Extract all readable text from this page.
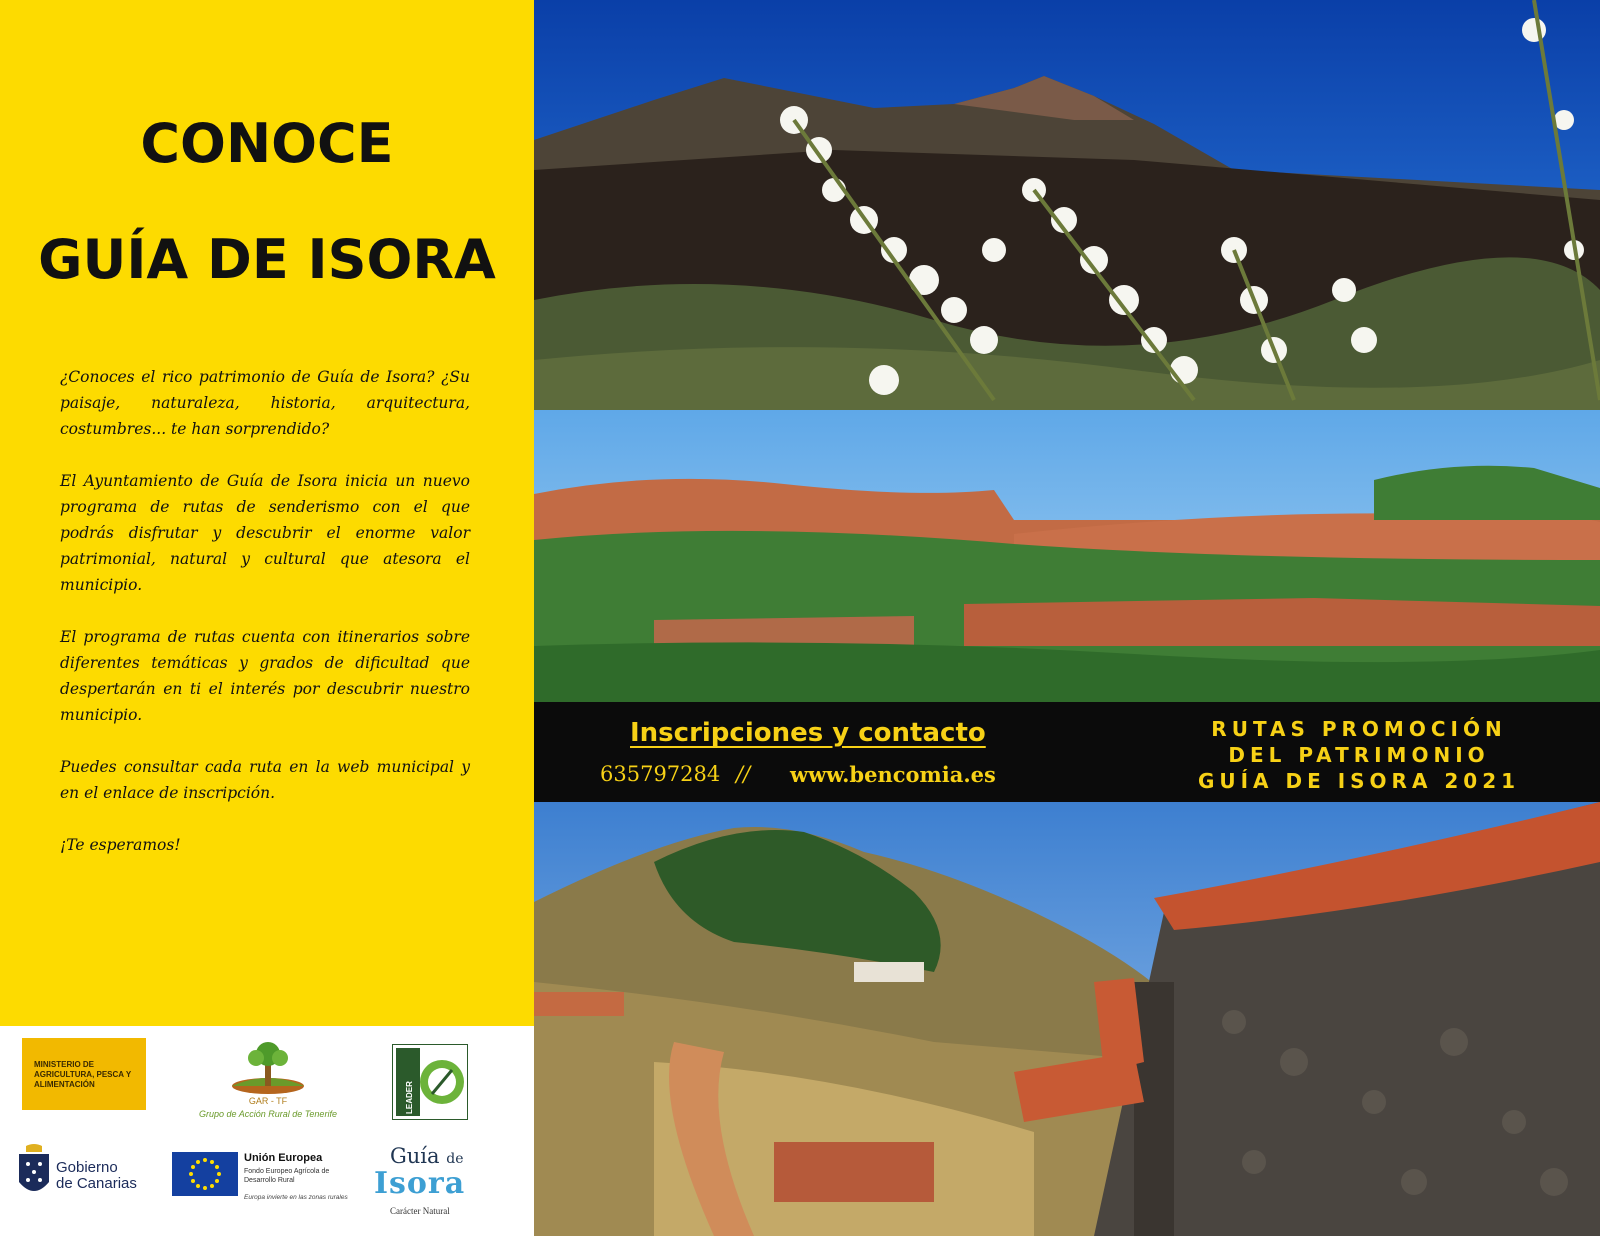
CONOCE
GUÍA DE ISORA

¿Conoces el rico patrimonio de Guía de Isora? ¿Su paisaje, naturaleza, historia, arquitectura, costumbres... te han sorprendido?

El Ayuntamiento de Guía de Isora inicia un nuevo programa de rutas de senderismo con el que podrás disfrutar y descubrir el enorme valor patrimonial, natural y cultural que atesora el municipio.

El programa de rutas cuenta con itinerarios sobre diferentes temáticas y grados de dificultad que despertarán en ti el interés por descubrir nuestro municipio.

Puedes consultar cada ruta en la web municipal y en el enlace de inscripción.

¡Te esperamos!

MINISTERIO DE AGRICULTURA, PESCA Y ALIMENTACIÓN
GAR - TF
Grupo de Acción Rural de Tenerife	LEADER
Gobierno
de Canarias
Unión Europea
Fondo Europeo Agrícola de Desarrollo Rural
Europa invierte en las zonas rurales
Guía de
Isora
Carácter Natural
Inscripciones y contacto
635797284 // www.bencomia.es
RUTAS PROMOCIÓN
DEL PATRIMONIO
GUÍA DE ISORA 2021
